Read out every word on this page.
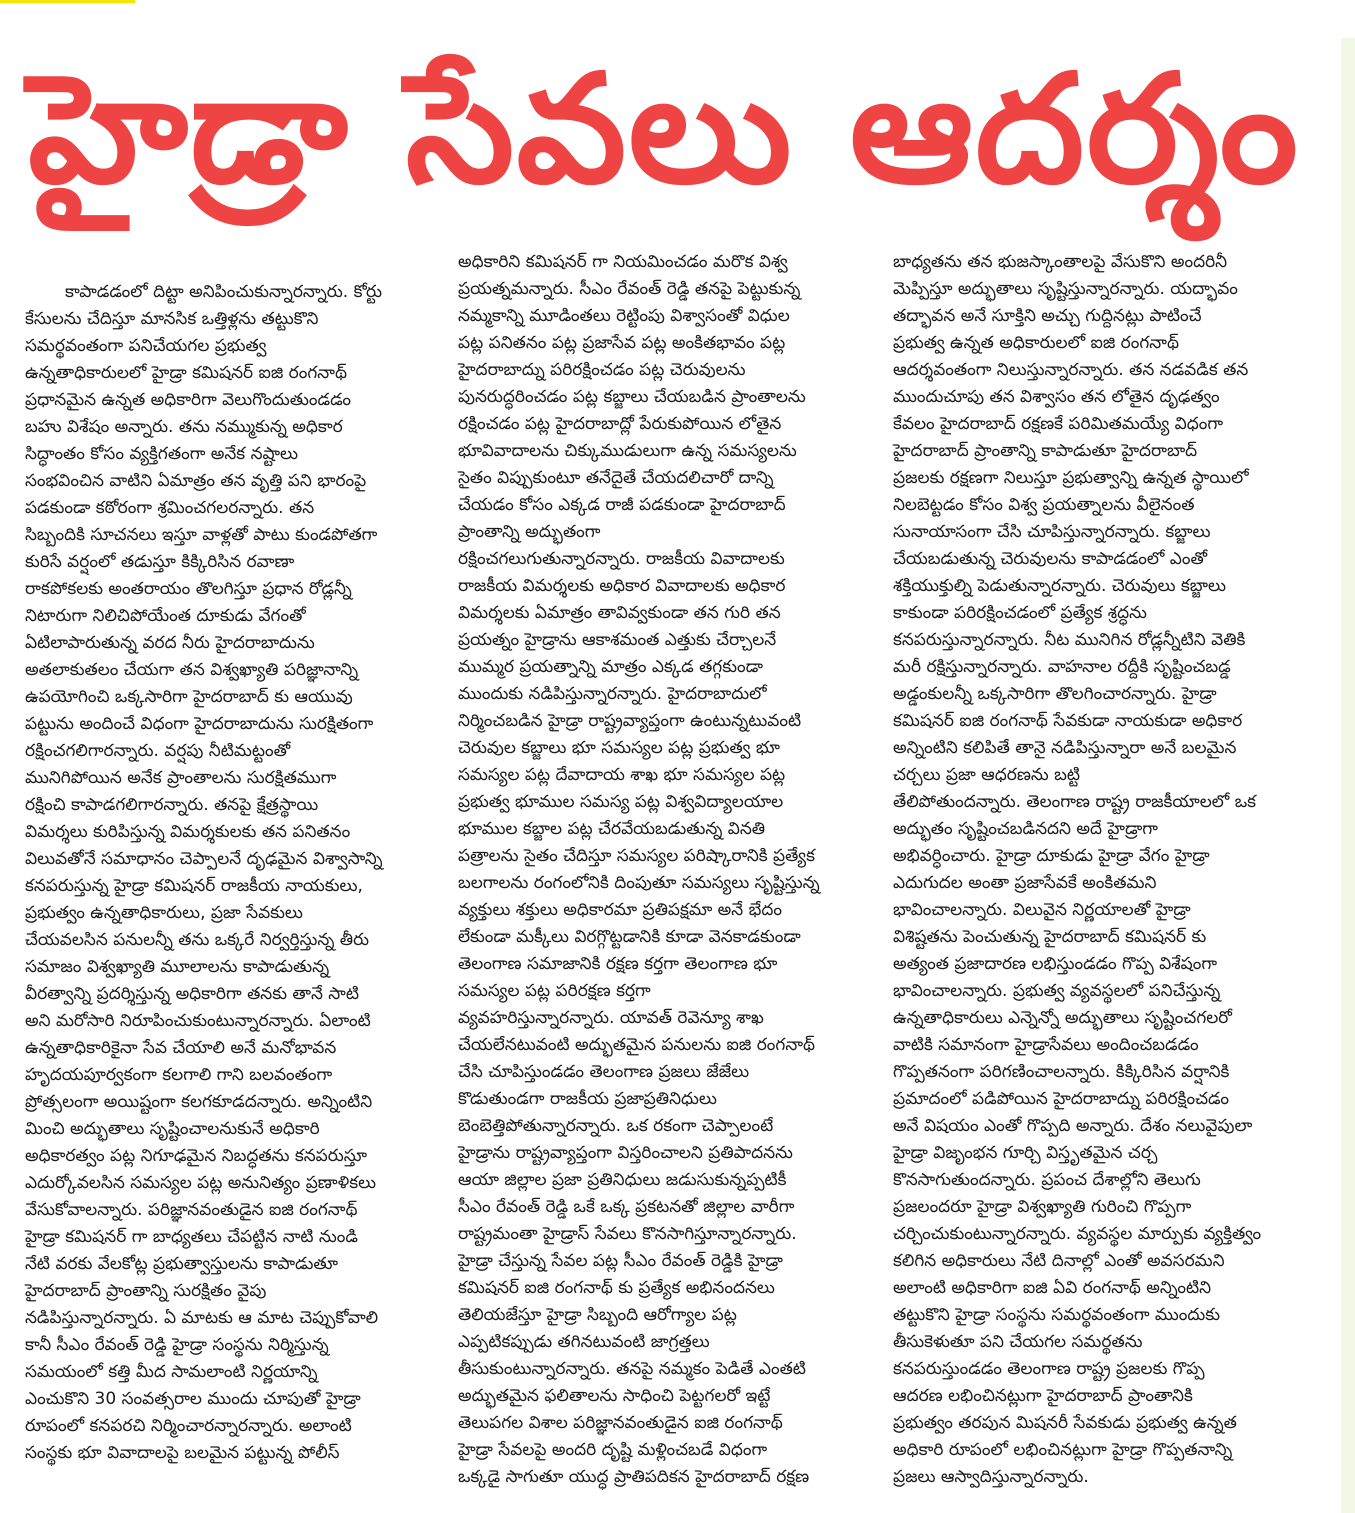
హైడ్రా సేవలు ఆదర్శం
కాపాడడంలో దిట్టా అనిపించుకున్నారన్నారు. కోర్టు
కేసులను చేదిస్తూ మానసిక ఒత్తిళ్లను తట్టుకొని
సమర్థవంతంగా పనిచేయగల ప్రభుత్వ
ఉన్నతాధికారులలో హైడ్రా కమిషనర్ ఐజి రంగనాథ్
ప్రధానమైన ఉన్నత అధికారిగా వెలుగొందుతుండడం
బహు విశేషం అన్నారు. తను నమ్ముకున్న అధికార
సిద్ధాంతం కోసం వ్యక్తిగతంగా అనేక నష్టాలు
సంభవించిన వాటిని ఏమాత్రం తన వృత్తి పని భారంపై
పడకుండా కఠోరంగా శ్రమించగలరన్నారు. తన
సిబ్బందికి సూచనలు ఇస్తూ వాళ్లతో పాటు కుండపోతగా
కురిసే వర్షంలో తడుస్తూ కిక్కిరిసిన రవాణా
రాకపోకలకు అంతరాయం తొలగిస్తూ ప్రధాన రోడ్లన్నీ
నిటారుగా నిలిచిపోయేంత దూకుడు వేగంతో
ఏటిలాపారుతున్న వరద నీరు హైదరాబాదును
అతలాకుతలం చేయగా తన విశ్వఖ్యాతి పరిజ్ఞానాన్ని
ఉపయోగించి ఒక్కసారిగా హైదరాబాద్ కు ఆయువు
పట్టును అందించే విధంగా హైదరాబాదును సురక్షితంగా
రక్షించగలిగారన్నారు. వర్షపు నీటిమట్టంతో
మునిగిపోయిన అనేక ప్రాంతాలను సురక్షితముగా
రక్షించి కాపాడగలిగారన్నారు. తనపై క్షేత్రస్థాయి
విమర్శలు కురిపిస్తున్న విమర్శకులకు తన పనితనం
విలువతోనే సమాధానం చెప్పాలనే దృఢమైన విశ్వాసాన్ని
కనపరుస్తున్న హైడ్రా కమిషనర్ రాజకీయ నాయకులు,
ప్రభుత్వం ఉన్నతాధికారులు, ప్రజా సేవకులు
చేయవలసిన పనులన్నీ తను ఒక్కరే నిర్వర్తిస్తున్న తీరు
సమాజం విశ్వఖ్యాతి మూలాలను కాపాడుతున్న
వీరత్వాన్ని ప్రదర్శిస్తున్న అధికారిగా తనకు తానే సాటి
అని మరోసారి నిరూపించుకుంటున్నారన్నారు. ఏలాంటి
ఉన్నతాధికారికైనా సేవ చేయాలి అనే మనోభావన
హృదయపూర్వకంగా కలగాలి గాని బలవంతంగా
ప్రోత్సలంగా అయిష్టంగా కలగకూడదన్నారు. అన్నింటిని
మించి అద్భుతాలు సృష్టించాలనుకునే అధికారి
అధికారత్వం పట్ల నిగూఢమైన నిబద్ధతను కనపరుస్తూ
ఎదుర్కోవలసిన సమస్యల పట్ల అనునిత్యం ప్రణాళికలు
వేసుకోవాలన్నారు. పరిజ్ఞానవంతుడైన ఐజి రంగనాథ్
హైడ్రా కమిషనర్ గా బాధ్యతలు చేపట్టిన నాటి నుండి
నేటి వరకు వేలకోట్ల ప్రభుత్వాస్తులను కాపాడుతూ
హైదరాబాద్ ప్రాంతాన్ని సురక్షితం వైపు
నడిపిస్తున్నారన్నారు. ఏ మాటకు ఆ మాట చెప్పుకోవాలి
కానీ సీఎం రేవంత్ రెడ్డి హైడ్రా సంస్థను నిర్మిస్తున్న
సమయంలో కత్తి మీద సామలాంటి నిర్ణయాన్ని
ఎంచుకొని 30 సంవత్సరాల ముందు చూపుతో హైడ్రా
రూపంలో కనపరచి నిర్మించారన్నారన్నారు. అలాంటి
సంస్థకు భూ వివాదాలపై బలమైన పట్టున్న పోలీస్
అధికారిని కమిషనర్ గా నియమించడం మరొక విశ్వ
ప్రయత్నమన్నారు. సీఎం రేవంత్ రెడ్డి తనపై పెట్టుకున్న
నమ్మకాన్ని మూడింతలు రెట్టింపు విశ్వాసంతో విధుల
పట్ల పనితనం పట్ల ప్రజాసేవ పట్ల అంకితభావం పట్ల
హైదరాబాద్ను పరిరక్షించడం పట్ల చెరువులను
పునరుద్ధరించడం పట్ల కబ్జాలు చేయబడిన ప్రాంతాలను
రక్షించడం పట్ల హైదరాబాద్లో పేరుకుపోయిన లోతైన
భూవివాదాలను చిక్కుముడులుగా ఉన్న సమస్యలను
సైతం విప్పుకుంటూ తనేదైతే చేయదలిచారో దాన్ని
చేయడం కోసం ఎక్కడ రాజీ పడకుండా హైదరాబాద్
ప్రాంతాన్ని అద్భుతంగా
రక్షించగలుగుతున్నారన్నారు. రాజకీయ వివాదాలకు
రాజకీయ విమర్శలకు అధికార వివాదాలకు అధికార
విమర్శలకు ఏమాత్రం తావివ్వకుండా తన గురి తన
ప్రయత్నం హైడ్రాను ఆకాశమంత ఎత్తుకు చేర్చాలనే
ముమ్మర ప్రయత్నాన్ని మాత్రం ఎక్కడ తగ్గకుండా
ముందుకు నడిపిస్తున్నారన్నారు. హైదరాబాదులో
నిర్మించబడిన హైడ్రా రాష్ట్రవ్యాప్తంగా ఉంటున్నటువంటి
చెరువుల కబ్జాలు భూ సమస్యల పట్ల ప్రభుత్వ భూ
సమస్యల పట్ల దేవాదాయ శాఖ భూ సమస్యల పట్ల
ప్రభుత్వ భూముల సమస్య పట్ల విశ్వవిద్యాలయాల
భూముల కబ్జాల పట్ల చేరవేయబడుతున్న వినతి
పత్రాలను సైతం చేదిస్తూ సమస్యల పరిష్కారానికి ప్రత్యేక
బలగాలను రంగంలోనికి దింపుతూ సమస్యలు సృష్టిస్తున్న
వ్యక్తులు శక్తులు అధికారమా ప్రతిపక్షమా అనే భేదం
లేకుండా మక్కీలు విరగ్గొట్టడానికి కూడా వెనకాడకుండా
తెలంగాణ సమాజానికి రక్షణ కర్తగా తెలంగాణ భూ
సమస్యల పట్ల పరిరక్షణ కర్తగా
వ్యవహరిస్తున్నారన్నారు. యావత్ రెవెన్యూ శాఖ
చేయలేనటువంటి అద్భుతమైన పనులను ఐజి రంగనాథ్
చేసి చూపిస్తుండడం తెలంగాణ ప్రజలు జేజేలు
కొడుతుండగా రాజకీయ ప్రజాప్రతినిధులు
బెంబెత్తిపోతున్నారన్నారు. ఒక రకంగా చెప్పాలంటే
హైడ్రాను రాష్ట్రవ్యాప్తంగా విస్తరించాలని ప్రతిపాదనను
ఆయా జిల్లాల ప్రజా ప్రతినిధులు జడుసుకున్నప్పటికీ
సీఎం రేవంత్ రెడ్డి ఒకే ఒక్క ప్రకటనతో జిల్లాల వారీగా
రాష్ట్రమంతా హైడ్రాస్ సేవలు కొనసాగిస్తూన్నారన్నారు.
హైడ్రా చేస్తున్న సేవల పట్ల సీఎం రేవంత్ రెడ్డికి హైడ్రా
కమిషనర్ ఐజి రంగనాథ్ కు ప్రత్యేక అభినందనలు
తెలియజేస్తూ హైడ్రా సిబ్బంది ఆరోగ్యాల పట్ల
ఎప్పటికప్పుడు తగినటువంటి జాగ్రత్తలు
తీసుకుంటున్నారన్నారు. తనపై నమ్మకం పెడితే ఎంతటి
అద్భుతమైన ఫలితాలను సాధించి పెట్టగలరో ఇట్టే
తెలుపగల విశాల పరిజ్ఞానవంతుడైన ఐజి రంగనాథ్
హైడ్రా సేవలపై అందరి దృష్టి మళ్లించబడే విధంగా
ఒక్కడై సాగుతూ యుద్ధ ప్రాతిపదికన హైదరాబాద్ రక్షణ
బాధ్యతను తన భుజస్కాంతాలపై వేసుకొని అందరినీ
మెప్పిస్తూ అద్భుతాలు సృష్టిస్తున్నారన్నారు. యద్భావం
తద్భావన అనే సూక్తిని అచ్చు గుద్దినట్లు పాటించే
ప్రభుత్వ ఉన్నత అధికారులలో ఐజి రంగనాథ్
ఆదర్శవంతంగా నిలుస్తున్నారన్నారు. తన నడవడిక తన
ముందుచూపు తన విశ్వాసం తన లోతైన దృఢత్వం
కేవలం హైదరాబాద్ రక్షణకే పరిమితమయ్యే విధంగా
హైదరాబాద్ ప్రాంతాన్ని కాపాడుతూ హైదరాబాద్
ప్రజలకు రక్షణగా నిలుస్తూ ప్రభుత్వాన్ని ఉన్నత స్థాయిలో
నిలబెట్టడం కోసం విశ్వ ప్రయత్నాలను వీలైనంత
సునాయాసంగా చేసి చూపిస్తున్నారన్నారు. కబ్జాలు
చేయబడుతున్న చెరువులను కాపాడడంలో ఎంతో
శక్తియుక్తుల్ని పెడుతున్నారన్నారు. చెరువులు కబ్జాలు
కాకుండా పరిరక్షించడంలో ప్రత్యేక శ్రద్ధను
కనపరుస్తున్నారన్నారు. నీట మునిగిన రోడ్లన్నీటిని వెతికి
మరీ రక్షిస్తున్నారన్నారు. వాహనాల రద్దీకి సృష్టించబడ్డ
అడ్డంకులన్నీ ఒక్కసారిగా తొలగించారన్నారు. హైడ్రా
కమిషనర్ ఐజి రంగనాథ్ సేవకుడా నాయకుడా అధికార
అన్నింటిని కలిపితే తానై నడిపిస్తున్నారా అనే బలమైన
చర్చలు ప్రజా ఆధరణను బట్టి
తేలిపోతుందన్నారు. తెలంగాణ రాష్ట్ర రాజకీయాలలో ఒక
అద్భుతం సృష్టించబడినదని అదే హైడ్రాగా
అభివర్ధించారు. హైడ్రా దూకుడు హైడ్రా వేగం హైడ్రా
ఎదుగుదల అంతా ప్రజాసేవకే అంకితమని
భావించాలన్నారు. విలువైన నిర్ణయాలతో హైడ్రా
విశిష్టతను పెంచుతున్న హైదరాబాద్ కమిషనర్ కు
అత్యంత ప్రజాదారణ లభిస్తుండడం గొప్ప విశేషంగా
భావించాలన్నారు. ప్రభుత్వ వ్యవస్థలలో పనిచేస్తున్న
ఉన్నతాధికారులు ఎన్నెన్నో అద్భుతాలు సృష్టించగలరో
వాటికి సమానంగా హైడ్రాసేవలు అందించబడడం
గొప్పతనంగా పరిగణించాలన్నారు. కిక్కిరిసిన వర్షానికి
ప్రమాదంలో పడిపోయిన హైదరాబాద్ను పరిరక్షించడం
అనే విషయం ఎంతో గొప్పది అన్నారు. దేశం నలువైపులా
హైడ్రా విజృంభన గూర్చి విస్తృతమైన చర్చ
కొనసాగుతుందన్నారు. ప్రపంచ దేశాల్లోని తెలుగు
ప్రజలందరూ హైడ్రా విశ్వఖ్యాతి గురించి గొప్పగా
చర్చించుకుంటున్నారన్నారు. వ్యవస్థల మార్పుకు వ్యక్తిత్వం
కలిగిన అధికారులు నేటి దినాల్లో ఎంతో అవసరమని
అలాంటి అధికారిగా ఐజి ఏవి రంగనాథ్ అన్నింటిని
తట్టుకొని హైడ్రా సంస్థను సమర్థవంతంగా ముందుకు
తీసుకెళుతూ పని చేయగల సమర్థతను
కనపరుస్తుండడం తెలంగాణ రాష్ట్ర ప్రజలకు గొప్ప
ఆదరణ లభించినట్లుగా హైదరాబాద్ ప్రాంతానికి
ప్రభుత్వం తరపున మిషనరీ సేవకుడు ప్రభుత్వ ఉన్నత
అధికారి రూపంలో లభించినట్లుగా హైడ్రా గొప్పతనాన్ని
ప్రజలు ఆస్వాదిస్తున్నారన్నారు.
